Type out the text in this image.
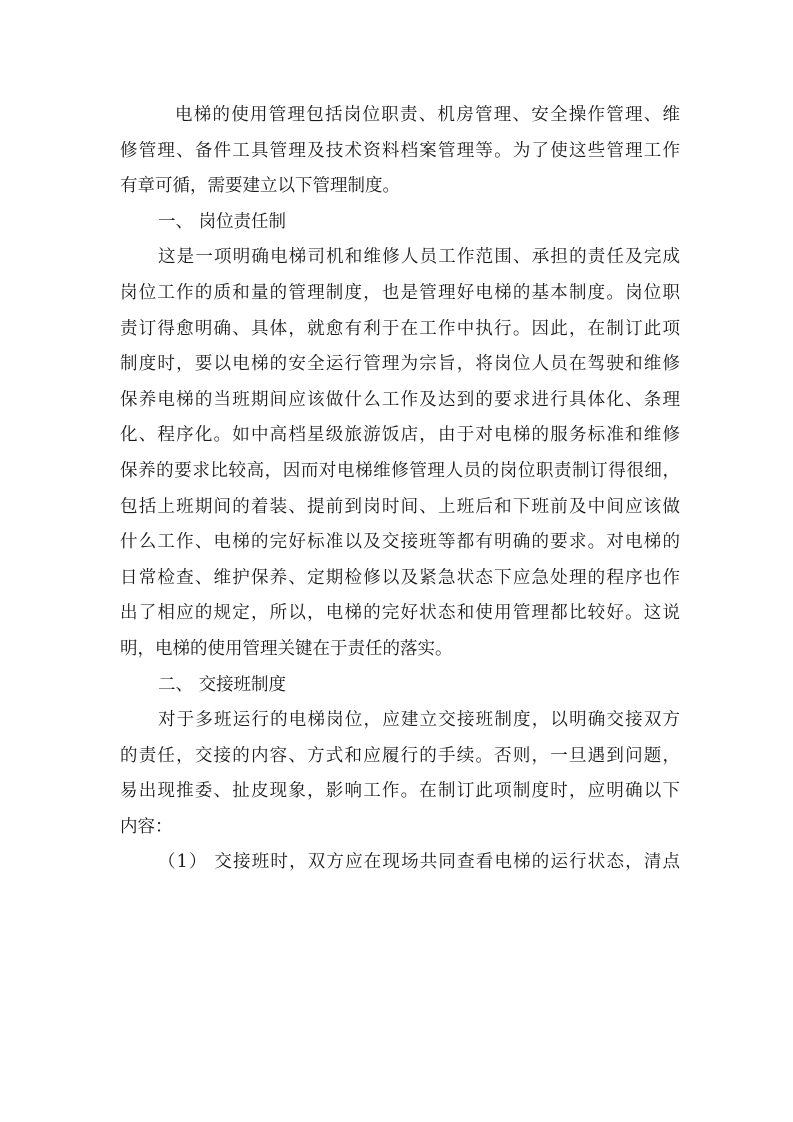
电梯的使用管理包括岗位职责、机房管理、安全操作管理、维
修管理、备件工具管理及技术资料档案管理等。为了使这些管理工作
有章可循，需要建立以下管理制度。
一、 岗位责任制
这是一项明确电梯司机和维修人员工作范围、承担的责任及完成
岗位工作的质和量的管理制度，也是管理好电梯的基本制度。岗位职
责订得愈明确、具体，就愈有利于在工作中执行。因此，在制订此项
制度时，要以电梯的安全运行管理为宗旨，将岗位人员在驾驶和维修
保养电梯的当班期间应该做什么工作及达到的要求进行具体化、条理
化、程序化。如中高档星级旅游饭店，由于对电梯的服务标准和维修
保养的要求比较高，因而对电梯维修管理人员的岗位职责制订得很细，
包括上班期间的着装、提前到岗时间、上班后和下班前及中间应该做
什么工作、电梯的完好标准以及交接班等都有明确的要求。对电梯的
日常检查、维护保养、定期检修以及紧急状态下应急处理的程序也作
出了相应的规定，所以，电梯的完好状态和使用管理都比较好。这说
明，电梯的使用管理关键在于责任的落实。
二、 交接班制度
对于多班运行的电梯岗位，应建立交接班制度，以明确交接双方
的责任，交接的内容、方式和应履行的手续。否则，一旦遇到问题，
易出现推委、扯皮现象，影响工作。在制订此项制度时，应明确以下
内容：
（1） 交接班时，双方应在现场共同查看电梯的运行状态，清点
